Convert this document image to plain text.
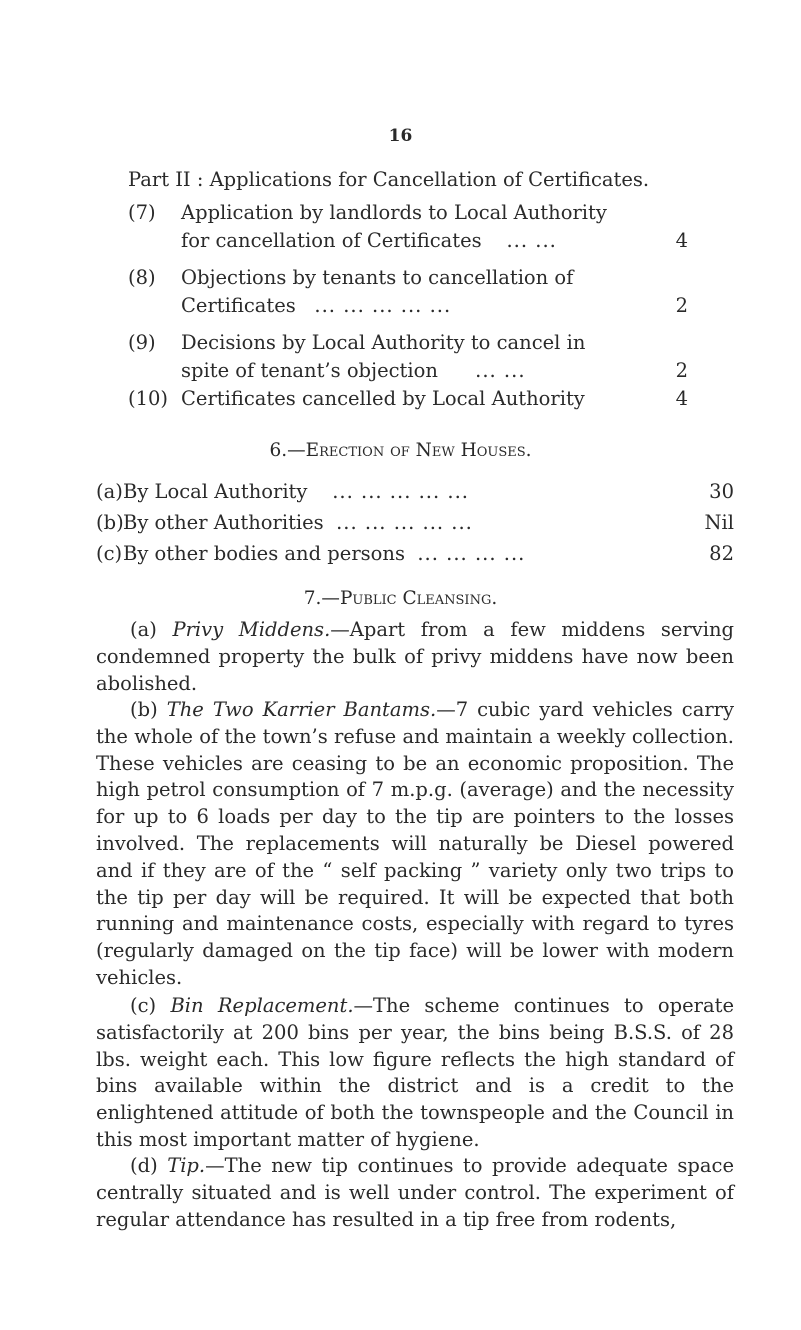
16
Part II : Applications for Cancellation of Certificates.
(7) Application by landlords to Local Authority
for cancellation of Certificates ... ...	4
(8) Objections by tenants to cancellation of
Certificates ... ... ... ... ...	2
(9) Decisions by Local Authority to cancel in
spite of tenant’s objection ... ...	2
(10) Certificates cancelled by Local Authority	4
6.—Erection of New Houses.
(a) By Local Authority ... ... ... ... ...	30
(b) By other Authorities ... ... ... ... ...	Nil
(c) By other bodies and persons ... ... ... ...	82
7.—Public Cleansing.
(a) Privy Middens.—Apart from a few middens serving condemned property the bulk of privy middens have now been abolished.
(b) The Two Karrier Bantams.—7 cubic yard vehicles carry the whole of the town’s refuse and maintain a weekly collection. These vehicles are ceasing to be an economic proposition. The high petrol consumption of 7 m.p.g. (average) and the necessity for up to 6 loads per day to the tip are pointers to the losses involved. The replacements will naturally be Diesel powered and if they are of the “ self packing ” variety only two trips to the tip per day will be required. It will be expected that both running and maintenance costs, especially with regard to tyres (regularly damaged on the tip face) will be lower with modern vehicles.
(c) Bin Replacement.—The scheme continues to operate satisfactorily at 200 bins per year, the bins being B.S.S. of 28 lbs. weight each. This low figure reflects the high standard of bins available within the district and is a credit to the enlightened attitude of both the townspeople and the Council in this most important matter of hygiene.
(d) Tip.—The new tip continues to provide adequate space centrally situated and is well under control. The experiment of regular attendance has resulted in a tip free from rodents,
